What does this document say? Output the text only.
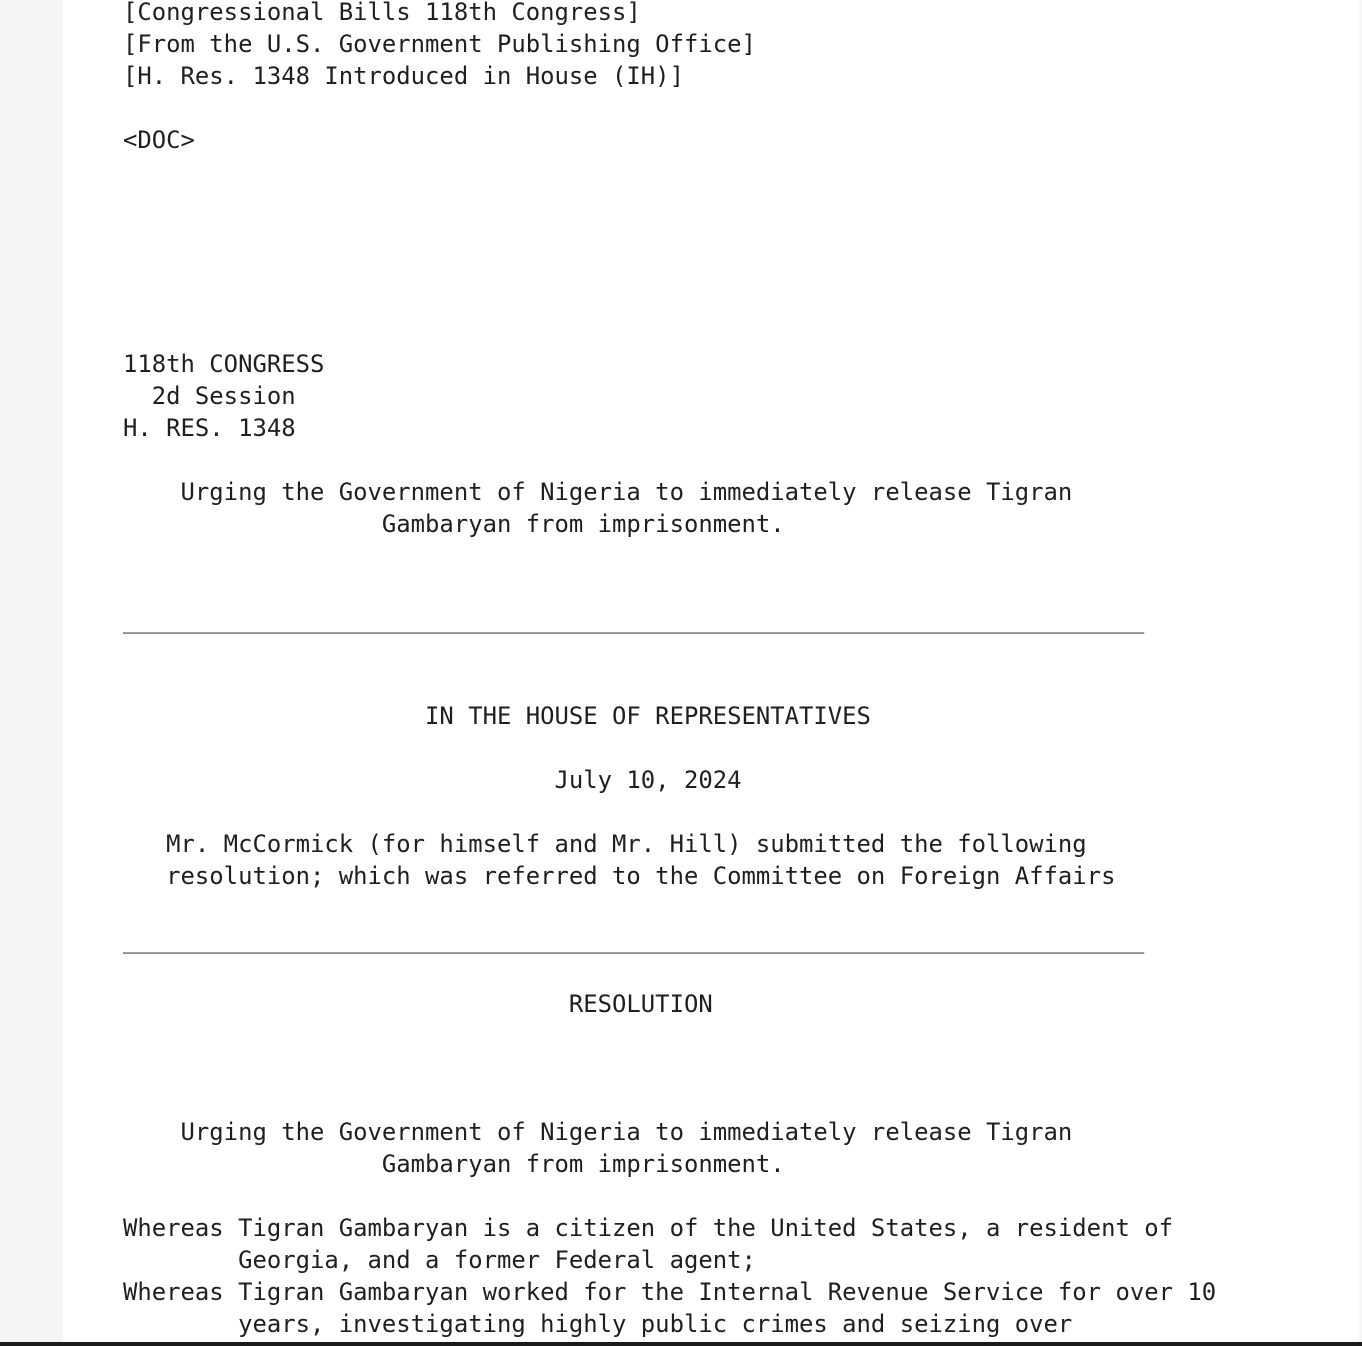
[Congressional Bills 118th Congress]
[From the U.S. Government Publishing Office]
[H. Res. 1348 Introduced in House (IH)]

<DOC>

118th CONGRESS
2d Session
H. RES. 1348

Urging the Government of Nigeria to immediately release Tigran
Gambaryan from imprisonment.

_______________________________________________________________________

IN THE HOUSE OF REPRESENTATIVES

July 10, 2024

Mr. McCormick (for himself and Mr. Hill) submitted the following
resolution; which was referred to the Committee on Foreign Affairs

_______________________________________________________________________

RESOLUTION

Urging the Government of Nigeria to immediately release Tigran
Gambaryan from imprisonment.

Whereas Tigran Gambaryan is a citizen of the United States, a resident of
Georgia, and a former Federal agent;
Whereas Tigran Gambaryan worked for the Internal Revenue Service for over 10
years, investigating highly public crimes and seizing over
